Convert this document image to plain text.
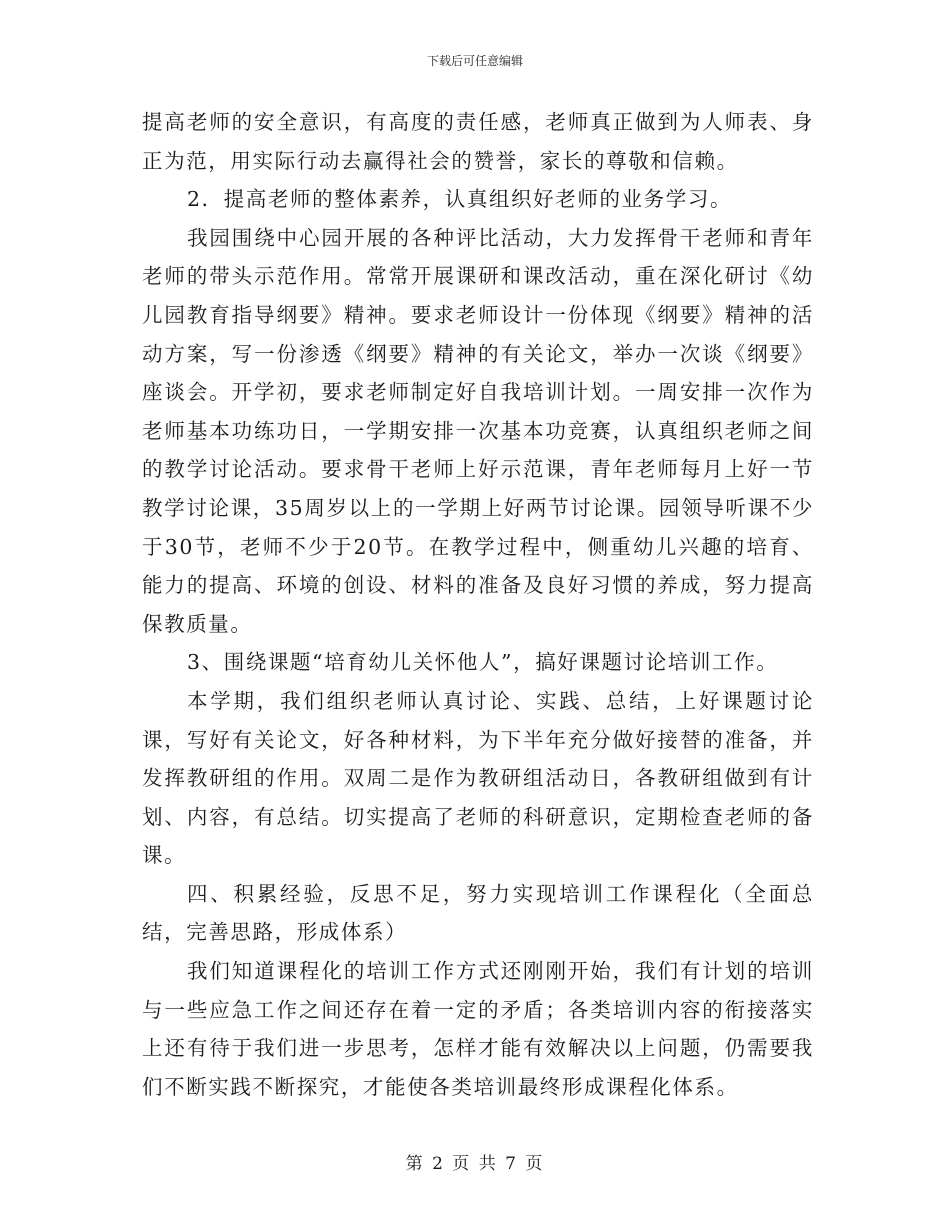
下载后可任意编辑

提高老师的安全意识，有高度的责任感，老师真正做到为人师表、身正为范，用实际行动去赢得社会的赞誉，家长的尊敬和信赖。

2．提高老师的整体素养，认真组织好老师的业务学习。

我园围绕中心园开展的各种评比活动，大力发挥骨干老师和青年老师的带头示范作用。常常开展课研和课改活动，重在深化研讨《幼儿园教育指导纲要》精神。要求老师设计一份体现《纲要》精神的活动方案，写一份渗透《纲要》精神的有关论文，举办一次谈《纲要》座谈会。开学初，要求老师制定好自我培训计划。一周安排一次作为老师基本功练功日，一学期安排一次基本功竞赛，认真组织老师之间的教学讨论活动。要求骨干老师上好示范课，青年老师每月上好一节教学讨论课，35周岁以上的一学期上好两节讨论课。园领导听课不少于30节，老师不少于20节。在教学过程中，侧重幼儿兴趣的培育、能力的提高、环境的创设、材料的准备及良好习惯的养成，努力提高保教质量。

3、围绕课题“培育幼儿关怀他人”，搞好课题讨论培训工作。

本学期，我们组织老师认真讨论、实践、总结，上好课题讨论课，写好有关论文，好各种材料，为下半年充分做好接替的准备，并发挥教研组的作用。双周二是作为教研组活动日，各教研组做到有计划、内容，有总结。切实提高了老师的科研意识，定期检查老师的备课。

四、积累经验，反思不足，努力实现培训工作课程化（全面总结，完善思路，形成体系）

我们知道课程化的培训工作方式还刚刚开始，我们有计划的培训与一些应急工作之间还存在着一定的矛盾；各类培训内容的衔接落实上还有待于我们进一步思考，怎样才能有效解决以上问题，仍需要我们不断实践不断探究，才能使各类培训最终形成课程化体系。

第 2 页 共 7 页
